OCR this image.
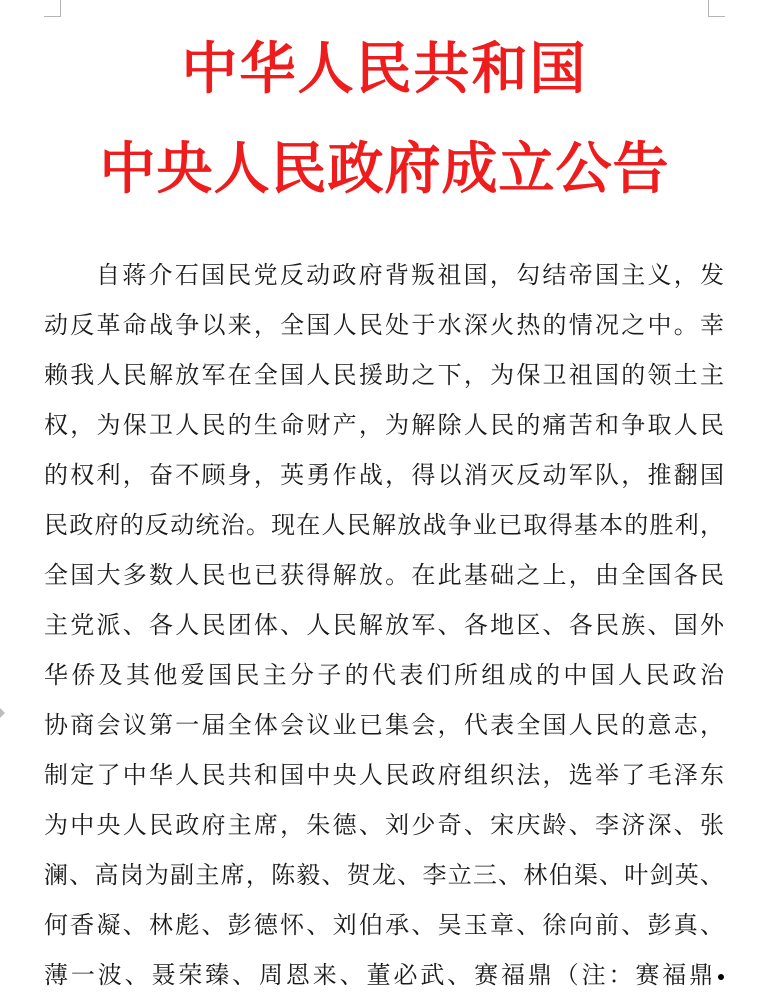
中华人民共和国
中央人民政府成立公告
自蒋介石国民党反动政府背叛祖国，勾结帝国主义，发
动反革命战争以来，全国人民处于水深火热的情况之中。幸
赖我人民解放军在全国人民援助之下，为保卫祖国的领土主
权，为保卫人民的生命财产，为解除人民的痛苦和争取人民
的权利，奋不顾身，英勇作战，得以消灭反动军队，推翻国
民政府的反动统治。现在人民解放战争业已取得基本的胜利，
全国大多数人民也已获得解放。在此基础之上，由全国各民
主党派、各人民团体、人民解放军、各地区、各民族、国外
华侨及其他爱国民主分子的代表们所组成的中国人民政治
协商会议第一届全体会议业已集会，代表全国人民的意志，
制定了中华人民共和国中央人民政府组织法，选举了毛泽东
为中央人民政府主席，朱德、刘少奇、宋庆龄、李济深、张
澜、高岗为副主席，陈毅、贺龙、李立三、林伯渠、叶剑英、
何香凝、林彪、彭德怀、刘伯承、吴玉章、徐向前、彭真、
薄一波、聂荣臻、周恩来、董必武、赛福鼎（注：赛福鼎
